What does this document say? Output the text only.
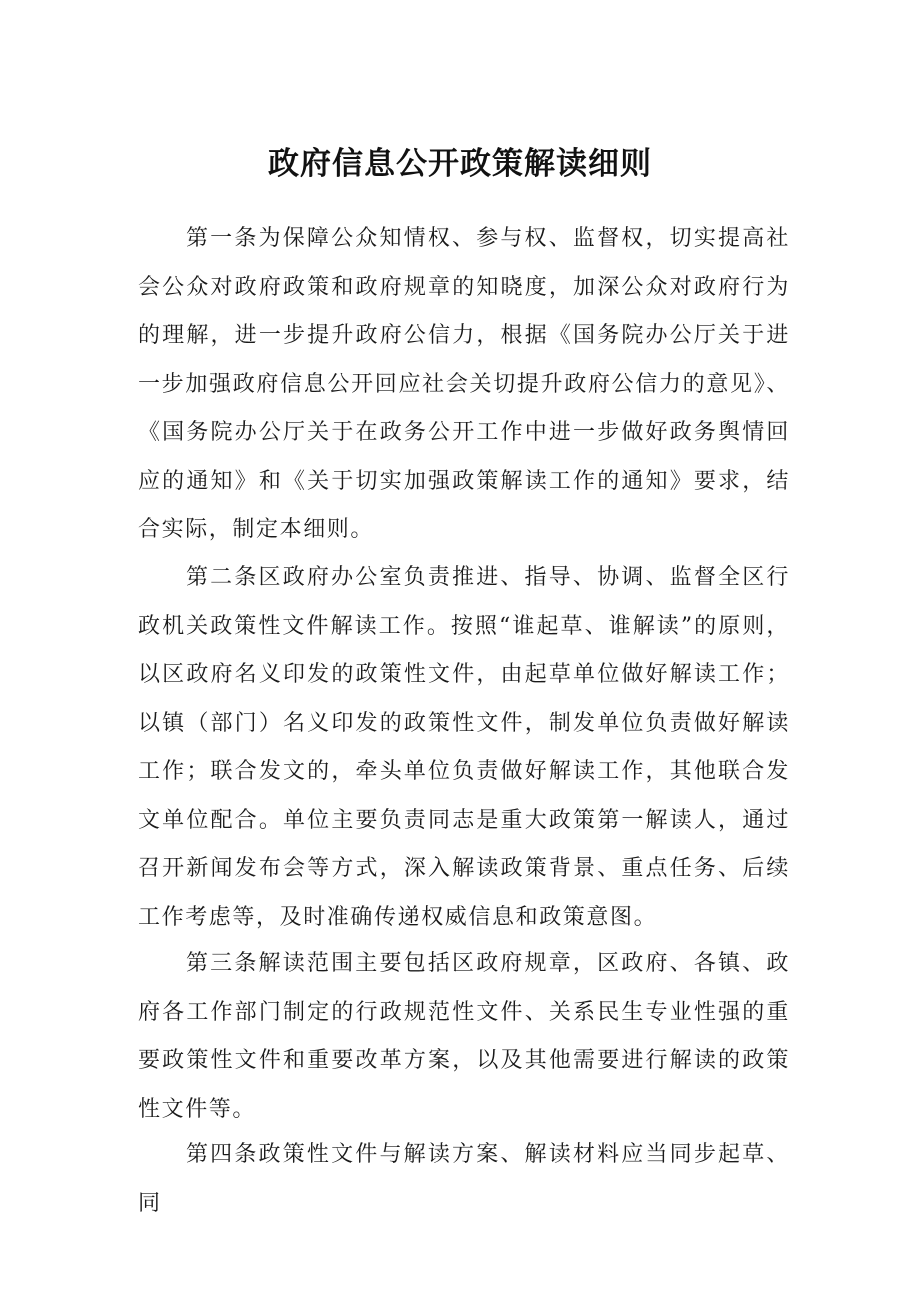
政府信息公开政策解读细则

第一条为保障公众知情权、参与权、监督权，切实提高社会公众对政府政策和政府规章的知晓度，加深公众对政府行为的理解，进一步提升政府公信力，根据《国务院办公厅关于进一步加强政府信息公开回应社会关切提升政府公信力的意见》、《国务院办公厅关于在政务公开工作中进一步做好政务舆情回应的通知》和《关于切实加强政策解读工作的通知》要求，结合实际，制定本细则。

第二条区政府办公室负责推进、指导、协调、监督全区行政机关政策性文件解读工作。按照“谁起草、谁解读”的原则，以区政府名义印发的政策性文件，由起草单位做好解读工作；以镇（部门）名义印发的政策性文件，制发单位负责做好解读工作；联合发文的，牵头单位负责做好解读工作，其他联合发文单位配合。单位主要负责同志是重大政策第一解读人，通过召开新闻发布会等方式，深入解读政策背景、重点任务、后续工作考虑等，及时准确传递权威信息和政策意图。

第三条解读范围主要包括区政府规章，区政府、各镇、政府各工作部门制定的行政规范性文件、关系民生专业性强的重要政策性文件和重要改革方案，以及其他需要进行解读的政策性文件等。

第四条政策性文件与解读方案、解读材料应当同步起草、同
